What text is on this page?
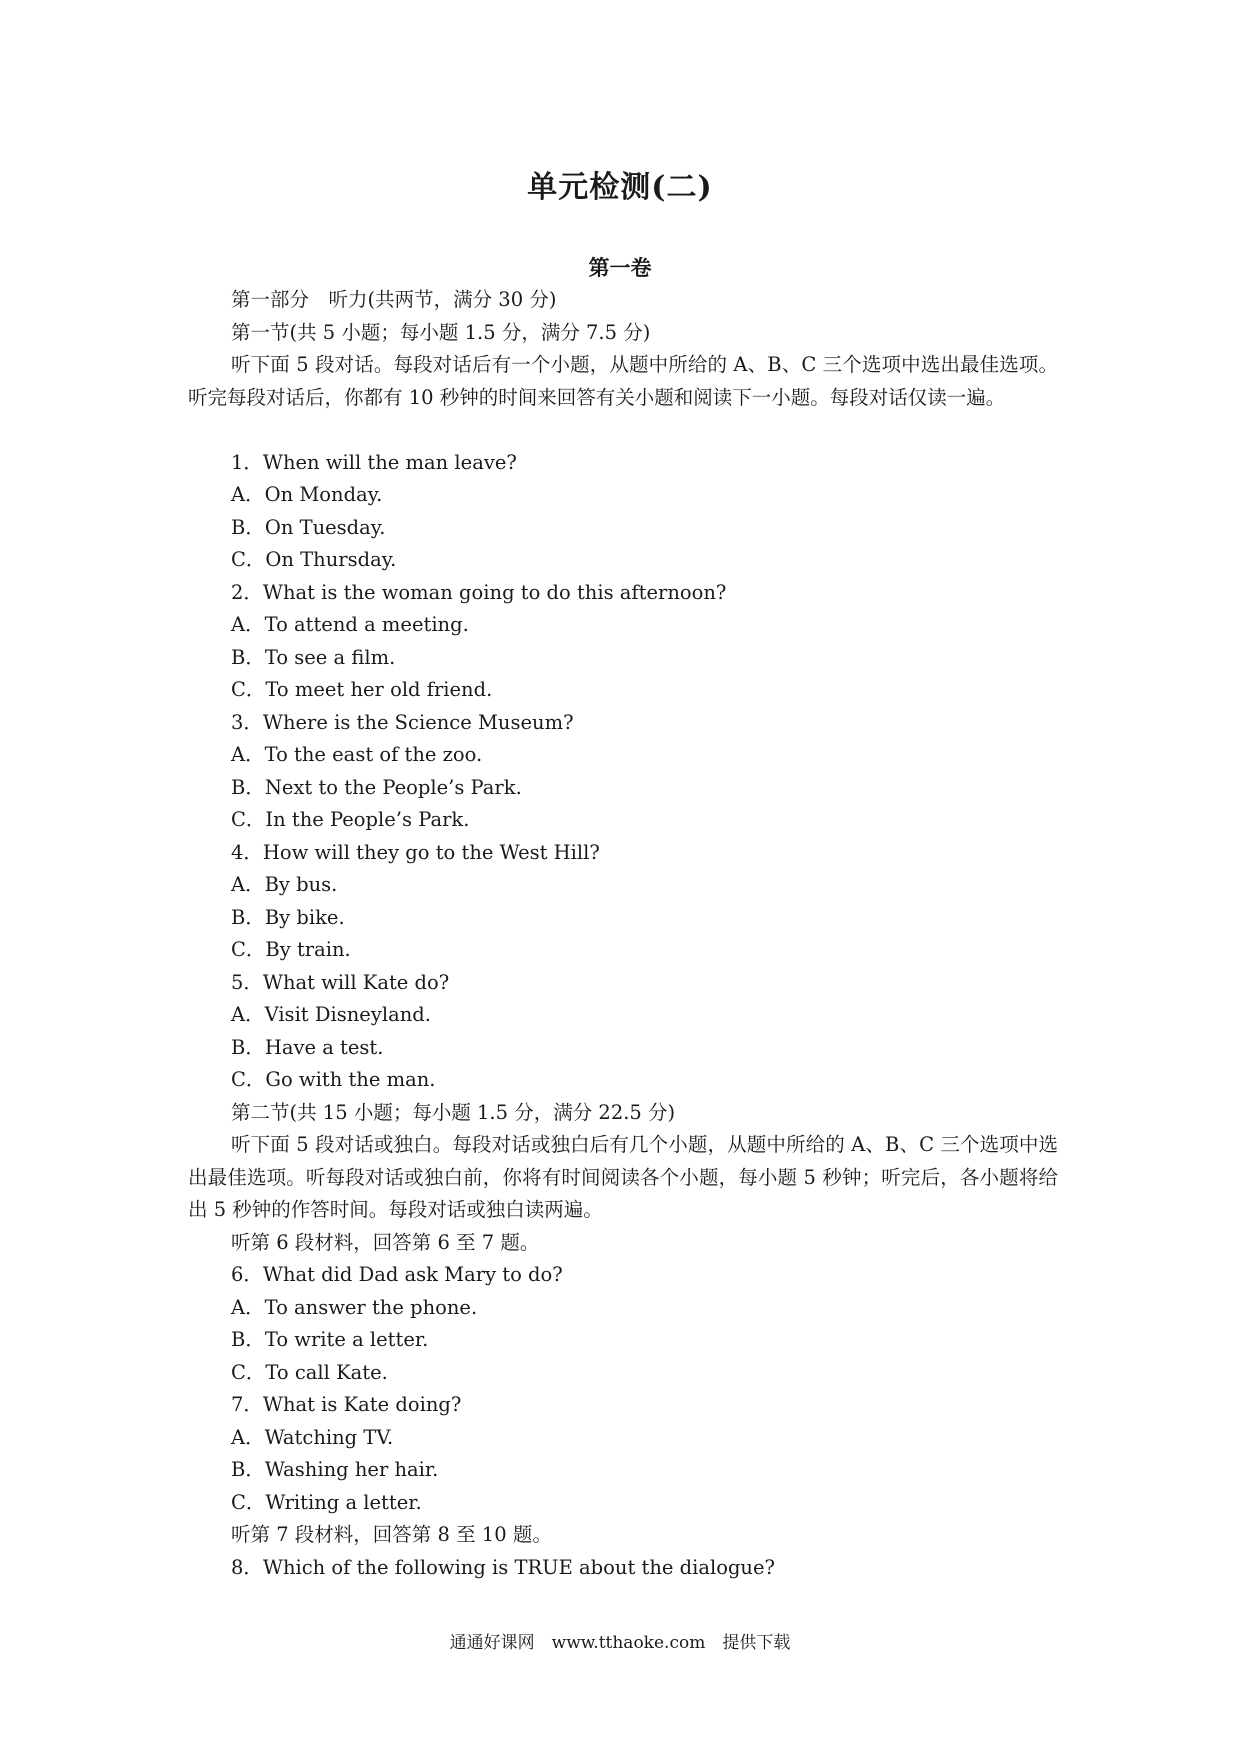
单元检测(二)
第一卷
第一部分　听力(共两节，满分 30 分)
第一节(共 5 小题；每小题 1.5 分，满分 7.5 分)
听下面 5 段对话。每段对话后有一个小题，从题中所给的 A、B、C 三个选项中选出最佳选项。听完每段对话后，你都有 10 秒钟的时间来回答有关小题和阅读下一小题。每段对话仅读一遍。
1．When will the man leave?
A．On Monday.
B．On Tuesday.
C．On Thursday.
2．What is the woman going to do this afternoon?
A．To attend a meeting.
B．To see a film.
C．To meet her old friend.
3．Where is the Science Museum?
A．To the east of the zoo.
B．Next to the People’s Park.
C．In the People’s Park.
4．How will they go to the West Hill?
A．By bus.
B．By bike.
C．By train.
5．What will Kate do?
A．Visit Disneyland.
B．Have a test.
C．Go with the man.
第二节(共 15 小题；每小题 1.5 分，满分 22.5 分)
听下面 5 段对话或独白。每段对话或独白后有几个小题，从题中所给的 A、B、C 三个选项中选出最佳选项。听每段对话或独白前，你将有时间阅读各个小题，每小题 5 秒钟；听完后，各小题将给出 5 秒钟的作答时间。每段对话或独白读两遍。
听第 6 段材料，回答第 6 至 7 题。
6．What did Dad ask Mary to do?
A．To answer the phone.
B．To write a letter.
C．To call Kate.
7．What is Kate doing?
A．Watching TV.
B．Washing her hair.
C．Writing a letter.
听第 7 段材料，回答第 8 至 10 题。
8．Which of the following is TRUE about the dialogue?
通通好课网　www.tthaoke.com　提供下载
